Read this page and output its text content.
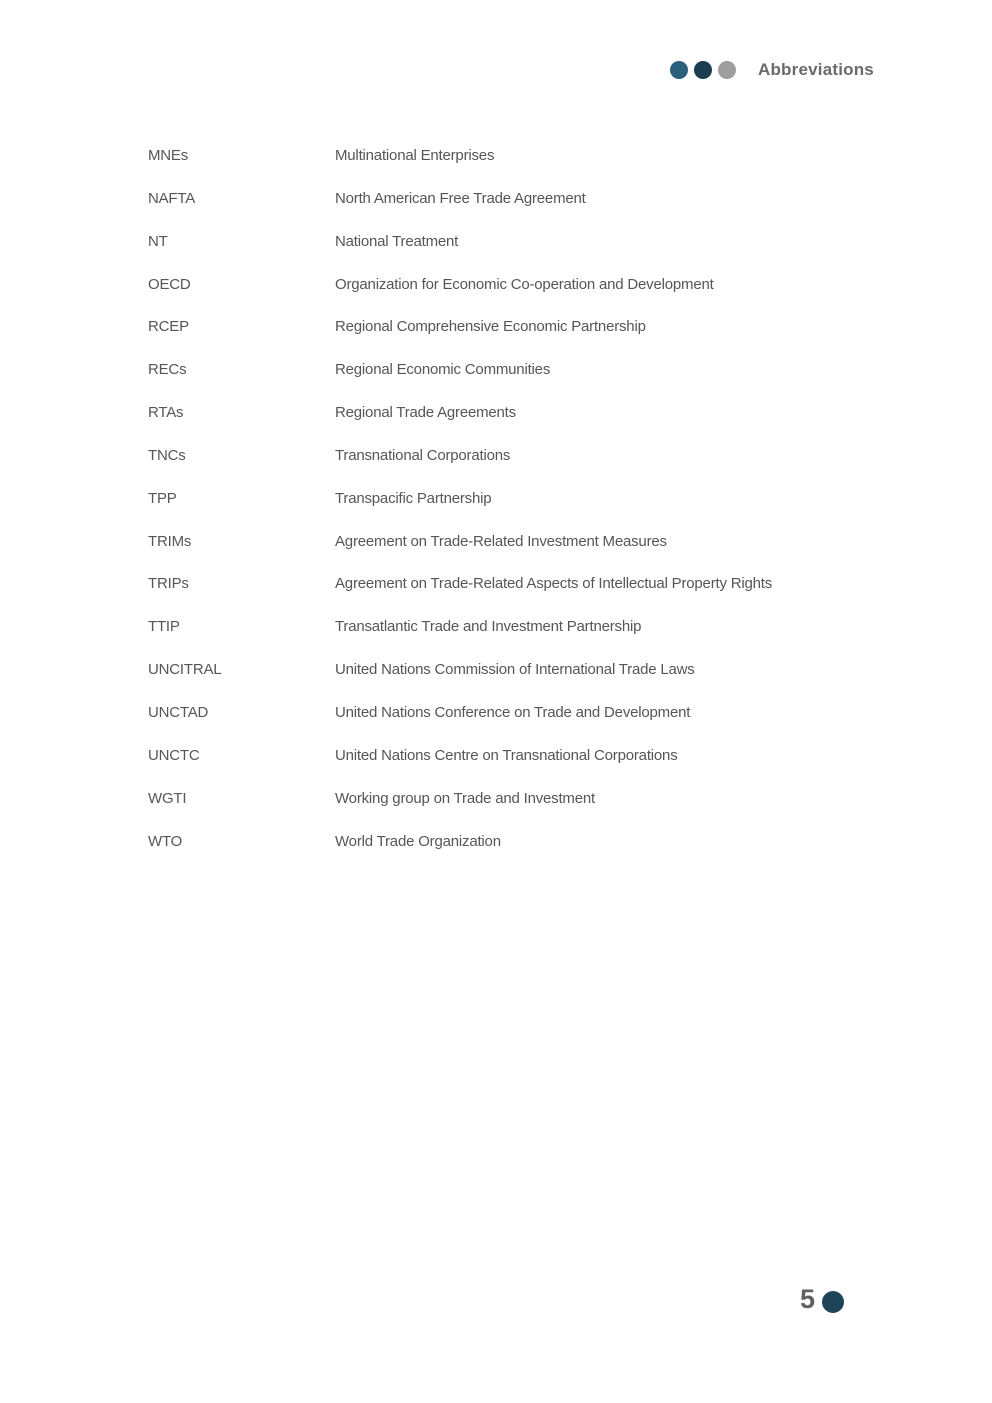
Abbreviations
MNEs	Multinational Enterprises
NAFTA	North American Free Trade Agreement
NT	National Treatment
OECD	Organization for Economic Co-operation and Development
RCEP	Regional Comprehensive Economic Partnership
RECs	Regional Economic Communities
RTAs	Regional Trade Agreements
TNCs	Transnational Corporations
TPP	Transpacific Partnership
TRIMs	Agreement on Trade-Related Investment Measures
TRIPs	Agreement on Trade-Related Aspects of Intellectual Property Rights
TTIP	Transatlantic Trade and Investment Partnership
UNCITRAL	United Nations Commission of International Trade Laws
UNCTAD	United Nations Conference on Trade and Development
UNCTC	United Nations Centre on Transnational Corporations
WGTI	Working group on Trade and Investment
WTO	World Trade Organization
5
